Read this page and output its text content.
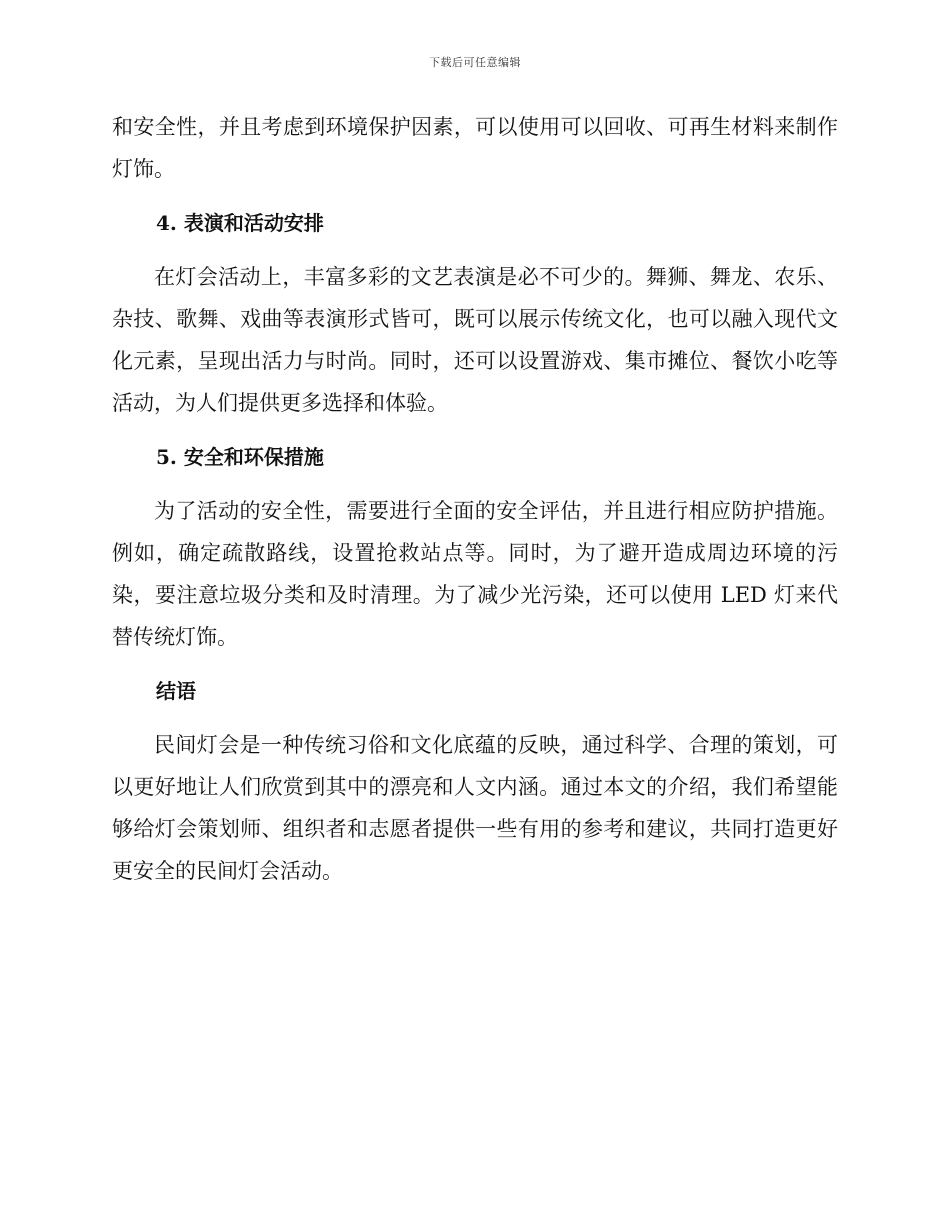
下载后可任意编辑

和安全性，并且考虑到环境保护因素，可以使用可以回收、可再生材料来制作灯饰。

4. 表演和活动安排

在灯会活动上，丰富多彩的文艺表演是必不可少的。舞狮、舞龙、农乐、杂技、歌舞、戏曲等表演形式皆可，既可以展示传统文化，也可以融入现代文化元素，呈现出活力与时尚。同时，还可以设置游戏、集市摊位、餐饮小吃等活动，为人们提供更多选择和体验。

5. 安全和环保措施

为了活动的安全性，需要进行全面的安全评估，并且进行相应防护措施。例如，确定疏散路线，设置抢救站点等。同时，为了避开造成周边环境的污染，要注意垃圾分类和及时清理。为了减少光污染，还可以使用 LED 灯来代替传统灯饰。

结语

民间灯会是一种传统习俗和文化底蕴的反映，通过科学、合理的策划，可以更好地让人们欣赏到其中的漂亮和人文内涵。通过本文的介绍，我们希望能够给灯会策划师、组织者和志愿者提供一些有用的参考和建议，共同打造更好更安全的民间灯会活动。
